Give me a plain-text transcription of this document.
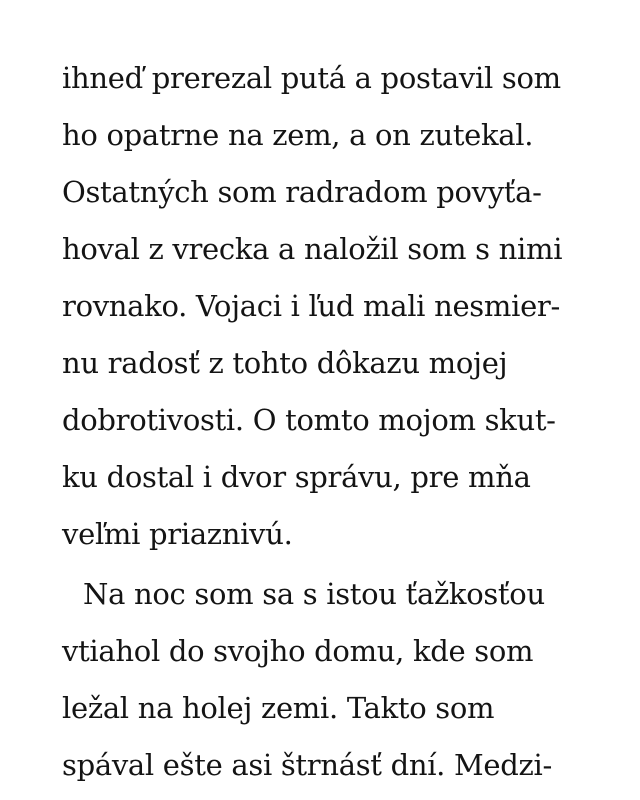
ihneď prerezal putá a postavil som

ho opatrne na zem, a on zutekal.

Ostatných som radradom povyťa-

hoval z vrecka a naložil som s nimi

rovnako. Vojaci i ľud mali nesmier-

nu radosť z tohto dôkazu mojej

dobrotivosti. O tomto mojom skut-

ku dostal i dvor správu, pre mňa

veľmi priaznivú.

Na noc som sa s istou ťažkosťou

vtiahol do svojho domu, kde som

ležal na holej zemi. Takto som

spával ešte asi štrnásť dní. Medzi-
